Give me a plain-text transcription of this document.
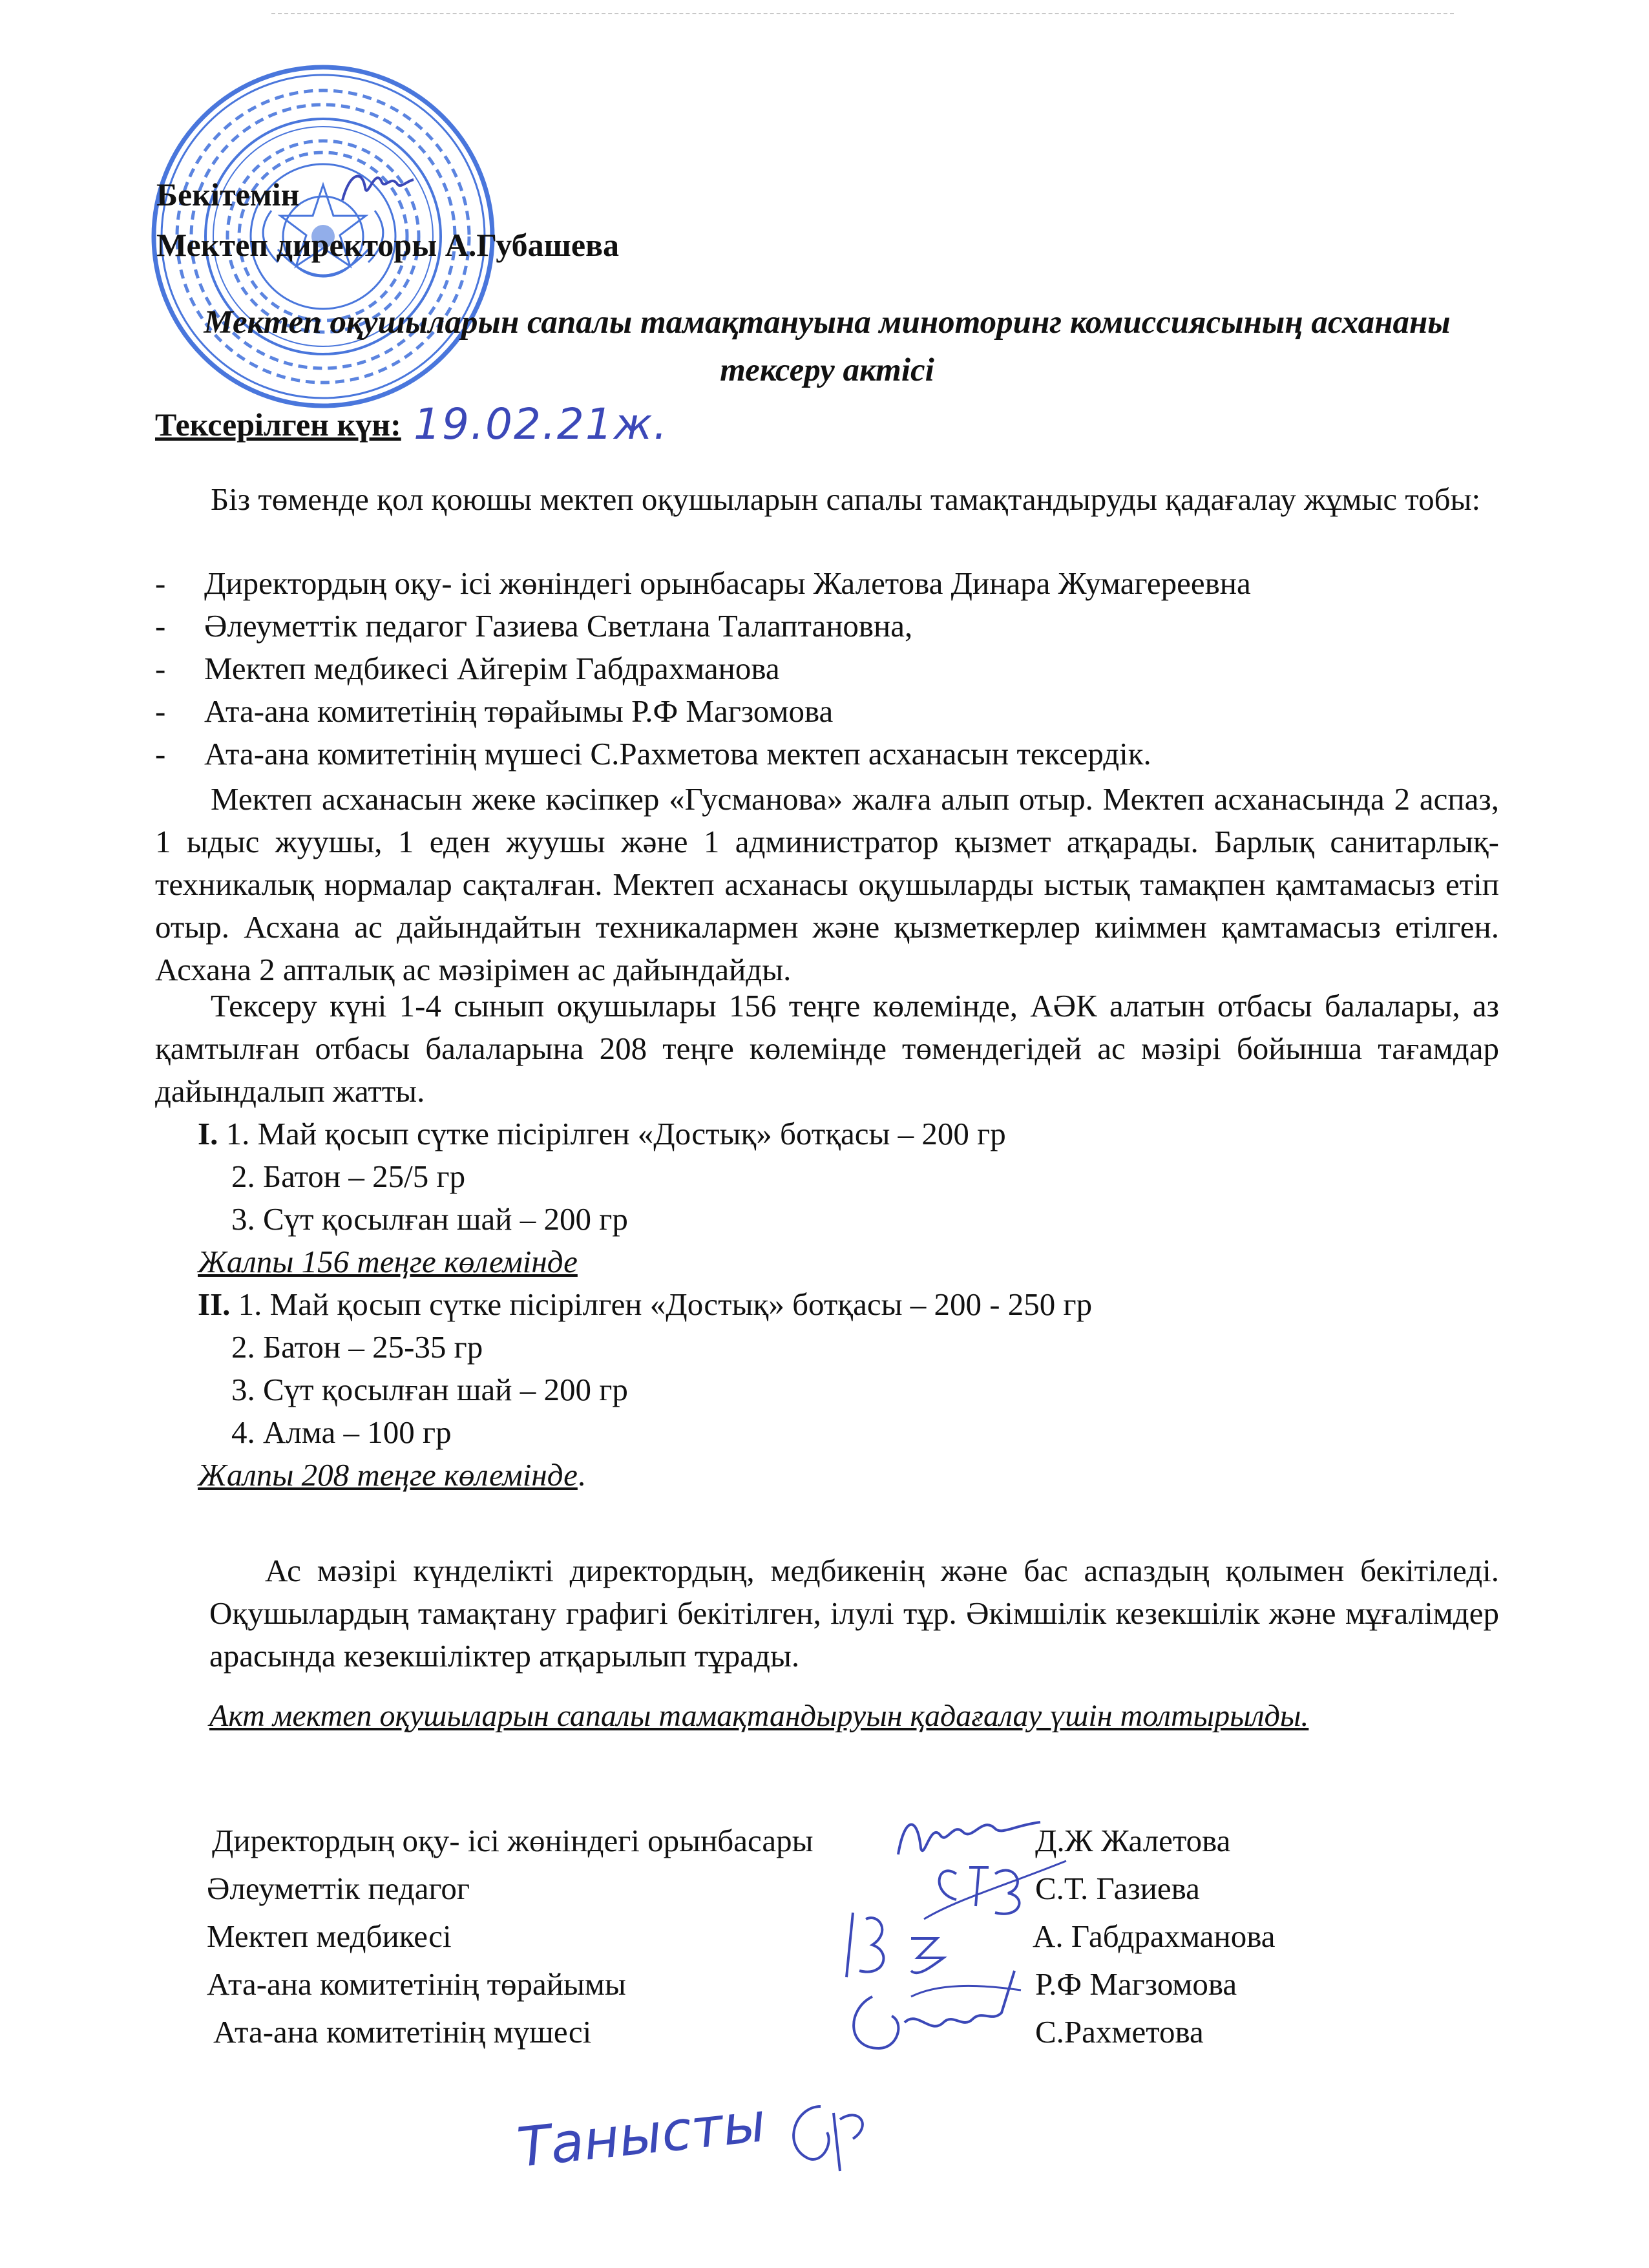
Бекітемін
Мектеп директоры А.Губашева
Мектеп оқушыларын сапалы тамақтануына миноторинг комиссиясының асхананы
тексеру актісі
Тексерілген күн: 19.02.21ж.
Біз төменде қол қоюшы мектеп оқушыларын сапалы тамақтандыруды қадағалау жұмыс тобы:
- Директордың оқу- ісі жөніндегі орынбасары Жалетова Динара Жумагереевна
- Әлеуметтік педагог Газиева Светлана Талаптановна,
- Мектеп медбикесі Айгерім Габдрахманова
- Ата-ана комитетінің төрайымы Р.Ф Магзомова
- Ата-ана комитетінің мүшесі С.Рахметова мектеп асханасын тексердік.
Мектеп асханасын жеке кәсіпкер «Гусманова» жалға алып отыр. Мектеп асханасында 2 аспаз, 1 ыдыс жуушы, 1 еден жуушы және 1 администратор қызмет атқарады. Барлық санитарлық-техникалық нормалар сақталған. Мектеп асханасы оқушыларды ыстық тамақпен қамтамасыз етіп отыр. Асхана ас дайындайтын техникалармен және қызметкерлер киіммен қамтамасыз етілген. Асхана 2 апталық ас мәзірімен ас дайындайды.
Тексеру күні 1-4 сынып оқушылары 156 теңге көлемінде, АӘК алатын отбасы балалары, аз қамтылған отбасы балаларына 208 теңге көлемінде төмендегідей ас мәзірі бойынша тағамдар дайындалып жатты.
I. 1. Май қосып сүтке пісірілген «Достық» ботқасы – 200 гр
2. Батон – 25/5 гр
3. Сүт қосылған шай – 200 гр
Жалпы 156 теңге көлемінде
II. 1. Май қосып сүтке пісірілген «Достық» ботқасы – 200 - 250 гр
2. Батон – 25-35 гр
3. Сүт қосылған шай – 200 гр
4. Алма – 100 гр
Жалпы 208 теңге көлемінде.
Ас мәзірі күнделікті директордың, медбикенің және бас аспаздың қолымен бекітіледі. Оқушылардың тамақтану графигі бекітілген, ілулі тұр. Әкімшілік кезекшілік және мұғалімдер арасында кезекшіліктер атқарылып тұрады.
Акт мектеп оқушыларын сапалы тамақтандыруын қадағалау үшін толтырылды.
Директордың оқу- ісі жөніндегі орынбасары	Д.Ж Жалетова
Әлеуметтік педагог	С.Т. Газиева
Мектеп медбикесі	А. Габдрахманова
Ата-ана комитетінің төрайымы	Р.Ф Магзомова
Ата-ана комитетінің мүшесі	С.Рахметова
Танысты
